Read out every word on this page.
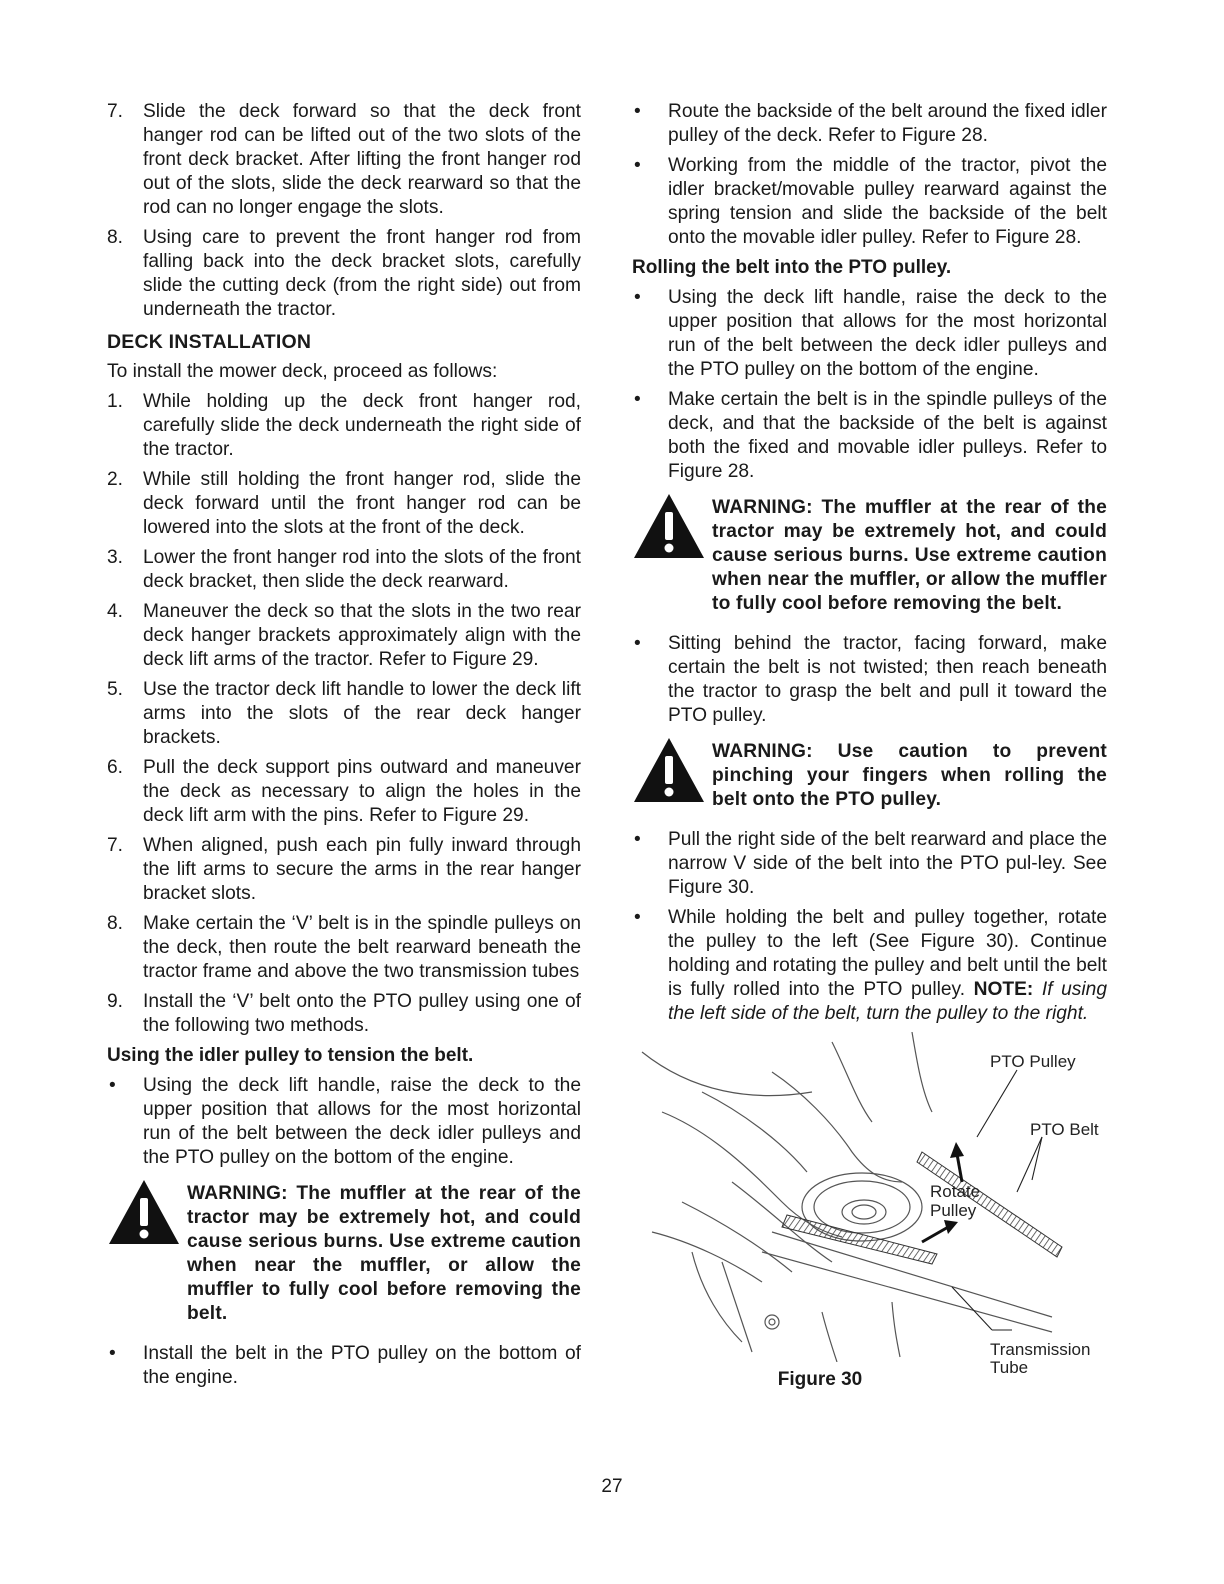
7. Slide the deck forward so that the deck front hanger rod can be lifted out of the two slots of the front deck bracket. After lifting the front hanger rod out of the slots, slide the deck rearward so that the rod can no longer engage the slots.
8. Using care to prevent the front hanger rod from falling back into the deck bracket slots, carefully slide the cutting deck (from the right side) out from underneath the tractor.
DECK INSTALLATION

To install the mower deck, proceed as follows:

1. While holding up the deck front hanger rod, carefully slide the deck underneath the right side of the tractor.
2. While still holding the front hanger rod, slide the deck forward until the front hanger rod can be lowered into the slots at the front of the deck.
3. Lower the front hanger rod into the slots of the front deck bracket, then slide the deck rearward.
4. Maneuver the deck so that the slots in the two rear deck hanger brackets approximately align with the deck lift arms of the tractor. Refer to Figure 29.
5. Use the tractor deck lift handle to lower the deck lift arms into the slots of the rear deck hanger brackets.
6. Pull the deck support pins outward and maneuver the deck as necessary to align the holes in the deck lift arm with the pins. Refer to Figure 29.
7. When aligned, push each pin fully inward through the lift arms to secure the arms in the rear hanger bracket slots.
8. Make certain the ‘V’ belt is in the spindle pulleys on the deck, then route the belt rearward beneath the tractor frame and above the two transmission tubes
9. Install the ‘V’ belt onto the PTO pulley using one of the following two methods.
Using the idler pulley to tension the belt.
• Using the deck lift handle, raise the deck to the upper position that allows for the most horizontal run of the belt between the deck idler pulleys and the PTO pulley on the bottom of the engine.

WARNING: The muffler at the rear of the tractor may be extremely hot, and could cause serious burns. Use extreme caution when near the muffler, or allow the muffler to fully cool before removing the belt.

• Install the belt in the PTO pulley on the bottom of the engine.
• Route the backside of the belt around the fixed idler pulley of the deck. Refer to Figure 28.
• Working from the middle of the tractor, pivot the idler bracket/movable pulley rearward against the spring tension and slide the backside of the belt onto the movable idler pulley. Refer to Figure 28.
Rolling the belt into the PTO pulley.
• Using the deck lift handle, raise the deck to the upper position that allows for the most horizontal run of the belt between the deck idler pulleys and the PTO pulley on the bottom of the engine.
• Make certain the belt is in the spindle pulleys of the deck, and that the backside of the belt is against both the fixed and movable idler pulleys. Refer to Figure 28.

WARNING: The muffler at the rear of the tractor may be extremely hot, and could cause serious burns. Use extreme caution when near the muffler, or allow the muffler to fully cool before removing the belt.

• Sitting behind the tractor, facing forward, make certain the belt is not twisted; then reach beneath the tractor to grasp the belt and pull it toward the PTO pulley.

WARNING: Use caution to prevent pinching your fingers when rolling the belt onto the PTO pulley.

• Pull the right side of the belt rearward and place the narrow V side of the belt into the PTO pul-ley. See Figure 30.
• While holding the belt and pulley together, rotate the pulley to the left (See Figure 30). Continue holding and rotating the pulley and belt until the belt is fully rolled into the PTO pulley. NOTE: If using the left side of the belt, turn the pulley to the right.
PTO Pulley
PTO Belt
Rotate
Pulley
Transmission
Tube
Figure 30
27
